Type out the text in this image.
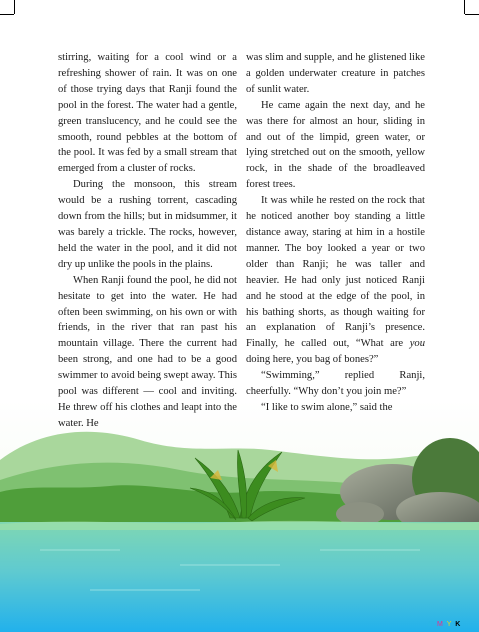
stirring, waiting for a cool wind or a refreshing shower of rain. It was on one of those trying days that Ranji found the pool in the forest. The water had a gentle, green translucency, and he could see the smooth, round pebbles at the bottom of the pool. It was fed by a small stream that emerged from a cluster of rocks.

During the monsoon, this stream would be a rushing torrent, cascading down from the hills; but in midsummer, it was barely a trickle. The rocks, however, held the water in the pool, and it did not dry up unlike the pools in the plains.

When Ranji found the pool, he did not hesitate to get into the water. He had often been swimming, on his own or with friends, in the river that ran past his mountain village. There the current had been strong, and one had to be a good swimmer to avoid being swept away. This pool was different — cool and inviting. He threw off his clothes and leapt into the water. He

was slim and supple, and he glistened like a golden underwater creature in patches of sunlit water.

He came again the next day, and he was there for almost an hour, sliding in and out of the limpid, green water, or lying stretched out on the smooth, yellow rock, in the shade of the broadleaved forest trees.

It was while he rested on the rock that he noticed another boy standing a little distance away, staring at him in a hostile manner. The boy looked a year or two older than Ranji; he was taller and heavier. He had only just noticed Ranji and he stood at the edge of the pool, in his bathing shorts, as though waiting for an explanation of Ranji’s presence. Finally, he called out, “What are you doing here, you bag of bones?”

“Swimming,” replied Ranji, cheerfully. “Why don’t you join me?”

“I like to swim alone,” said the

C M Y K
